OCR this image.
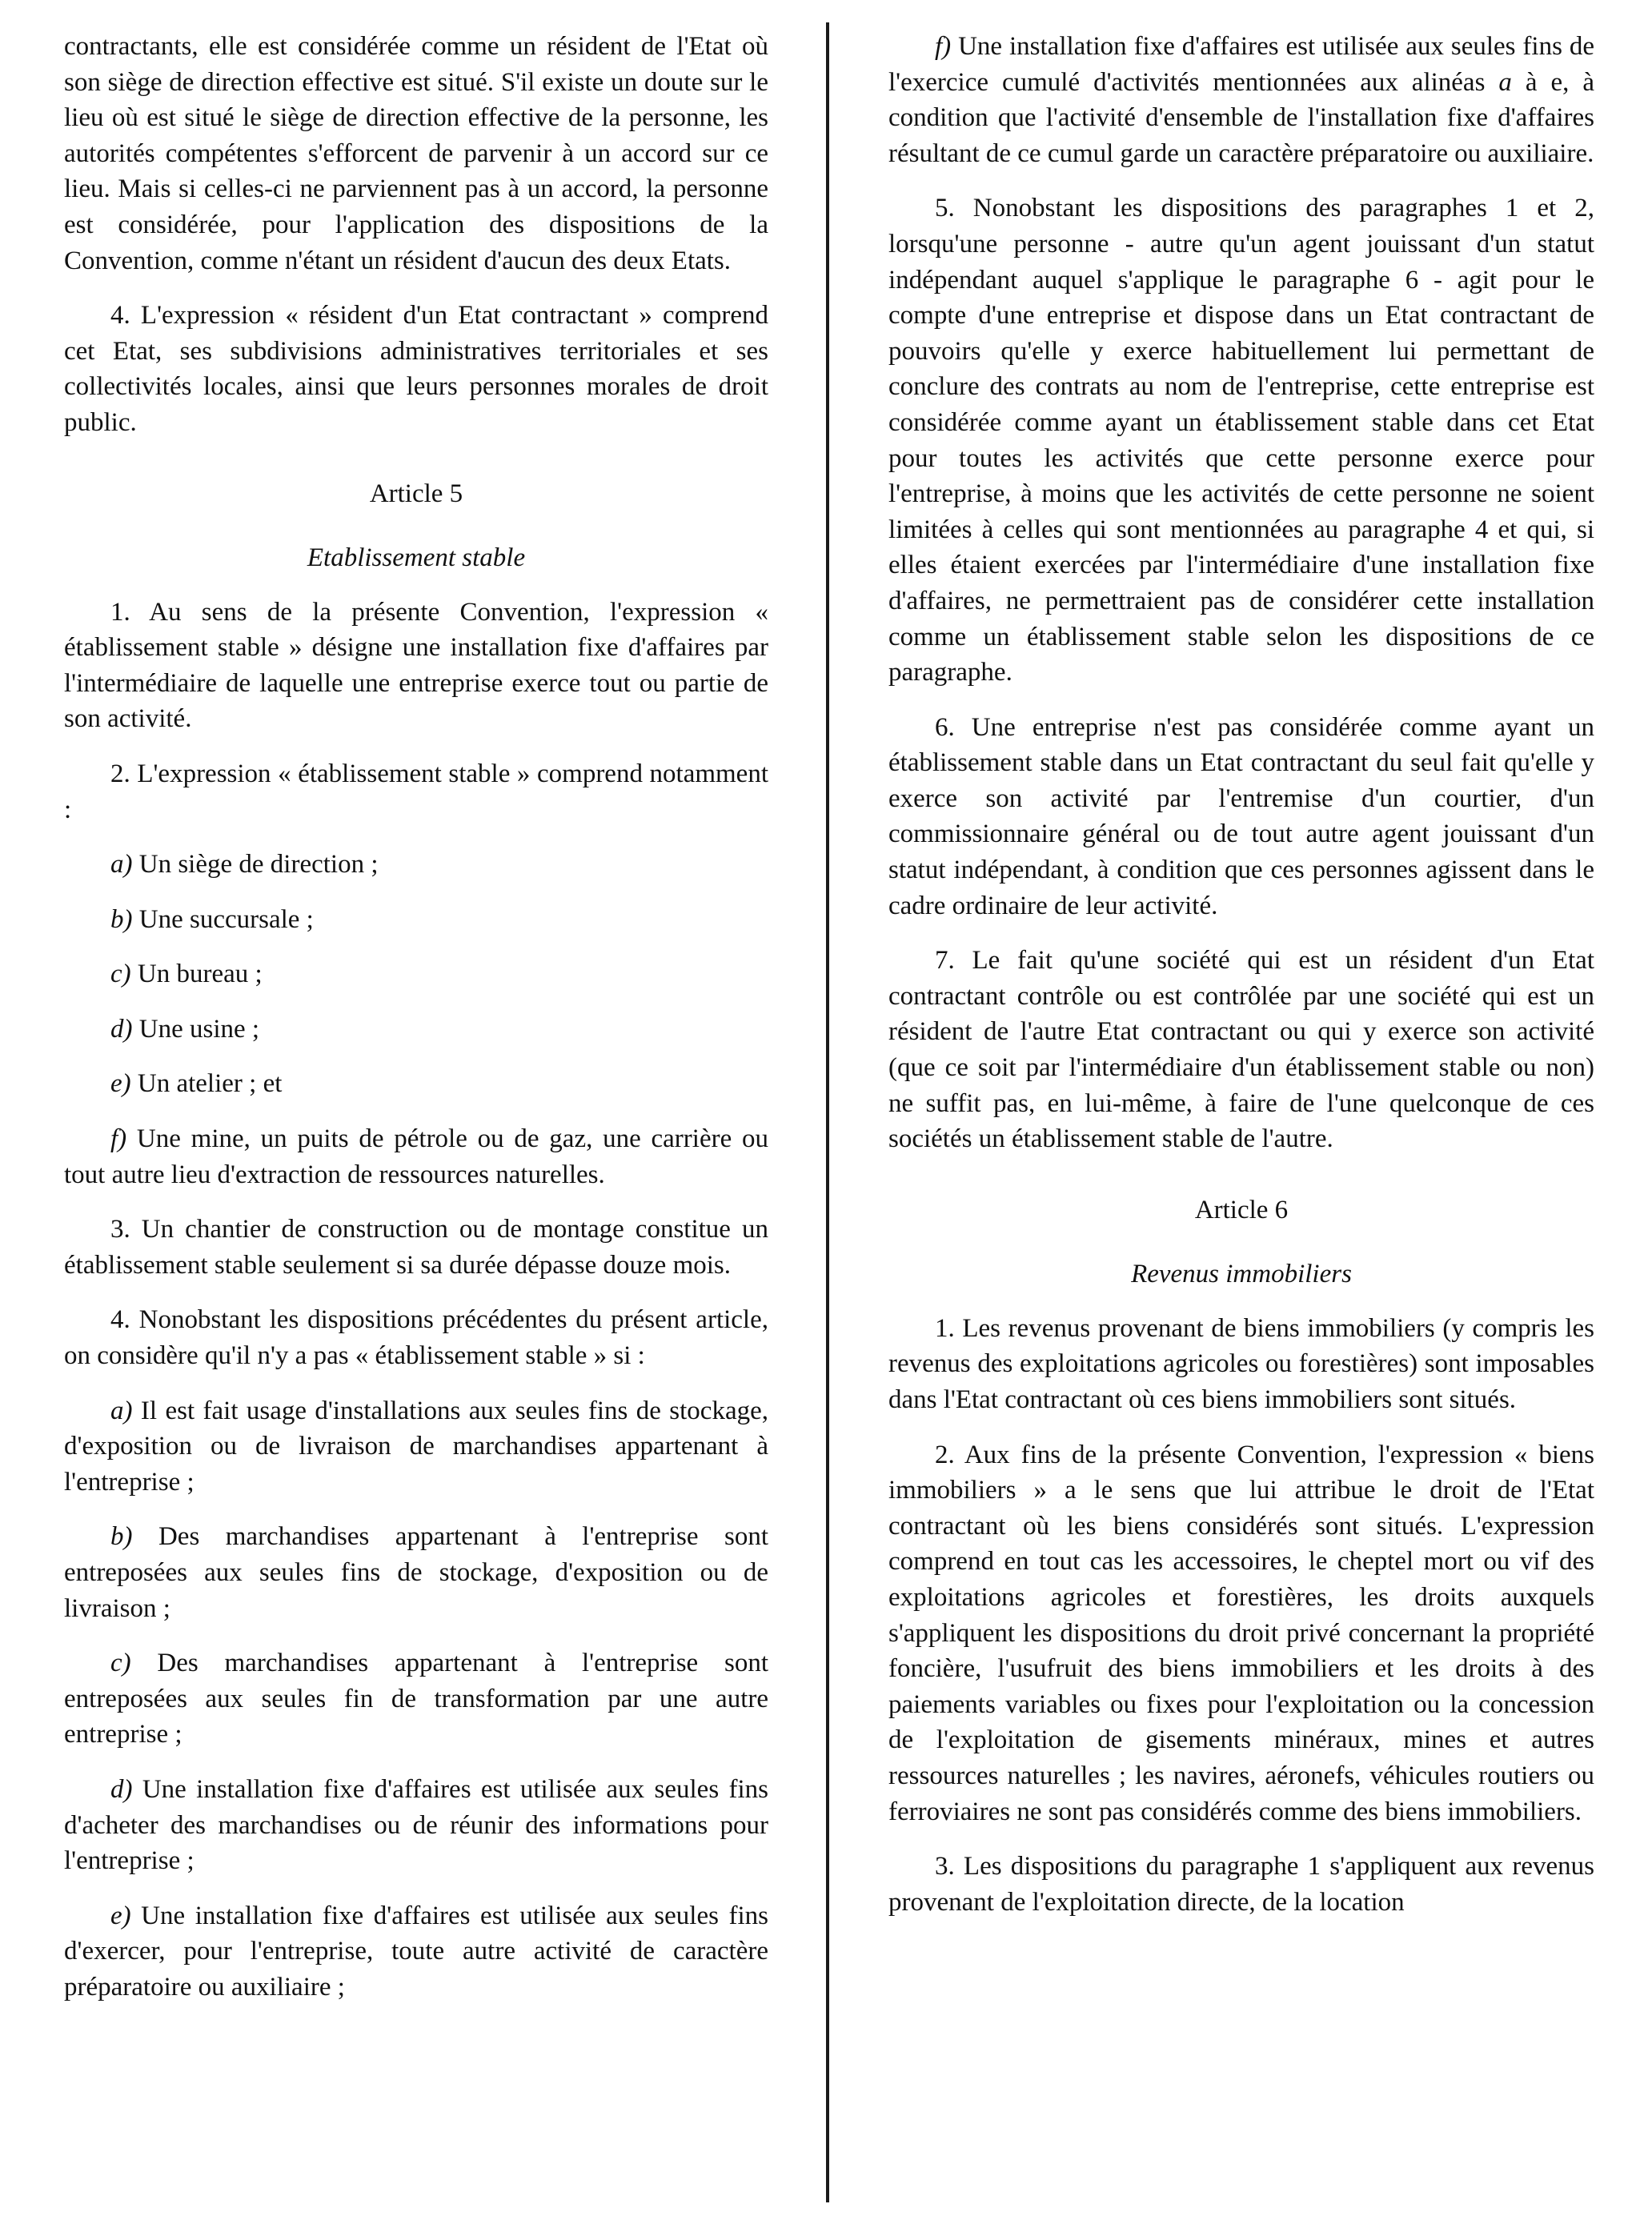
contractants, elle est considérée comme un résident de l'Etat où son siège de direction effective est situé. S'il existe un doute sur le lieu où est situé le siège de direction effective de la personne, les autorités compétentes s'efforcent de parvenir à un accord sur ce lieu. Mais si celles-ci ne parviennent pas à un accord, la personne est considérée, pour l'application des dispositions de la Convention, comme n'étant un résident d'aucun des deux Etats.

4. L'expression « résident d'un Etat contractant » comprend cet Etat, ses subdivisions administratives territoriales et ses collectivités locales, ainsi que leurs personnes morales de droit public.

Article 5
Etablissement stable

1. Au sens de la présente Convention, l'expression « établissement stable » désigne une installation fixe d'affaires par l'intermédiaire de laquelle une entreprise exerce tout ou partie de son activité.

2. L'expression « établissement stable » comprend notamment :

a) Un siège de direction ;

b) Une succursale ;

c) Un bureau ;

d) Une usine ;

e) Un atelier ; et

f) Une mine, un puits de pétrole ou de gaz, une carrière ou tout autre lieu d'extraction de ressources naturelles.

3. Un chantier de construction ou de montage constitue un établissement stable seulement si sa durée dépasse douze mois.

4. Nonobstant les dispositions précédentes du présent article, on considère qu'il n'y a pas « établissement stable » si :

a) Il est fait usage d'installations aux seules fins de stockage, d'exposition ou de livraison de marchandises appartenant à l'entreprise ;

b) Des marchandises appartenant à l'entreprise sont entreposées aux seules fins de stockage, d'exposition ou de livraison ;

c) Des marchandises appartenant à l'entreprise sont entreposées aux seules fin de transformation par une autre entreprise ;

d) Une installation fixe d'affaires est utilisée aux seules fins d'acheter des marchandises ou de réunir des informations pour l'entreprise ;

e) Une installation fixe d'affaires est utilisée aux seules fins d'exercer, pour l'entreprise, toute autre activité de caractère préparatoire ou auxiliaire ;

f) Une installation fixe d'affaires est utilisée aux seules fins de l'exercice cumulé d'activités mentionnées aux alinéas a à e, à condition que l'activité d'ensemble de l'installation fixe d'affaires résultant de ce cumul garde un caractère préparatoire ou auxiliaire.

5. Nonobstant les dispositions des paragraphes 1 et 2, lorsqu'une personne - autre qu'un agent jouissant d'un statut indépendant auquel s'applique le paragraphe 6 - agit pour le compte d'une entreprise et dispose dans un Etat contractant de pouvoirs qu'elle y exerce habituellement lui permettant de conclure des contrats au nom de l'entreprise, cette entreprise est considérée comme ayant un établissement stable dans cet Etat pour toutes les activités que cette personne exerce pour l'entreprise, à moins que les activités de cette personne ne soient limitées à celles qui sont mentionnées au paragraphe 4 et qui, si elles étaient exercées par l'intermédiaire d'une installation fixe d'affaires, ne permettraient pas de considérer cette installation comme un établissement stable selon les dispositions de ce paragraphe.

6. Une entreprise n'est pas considérée comme ayant un établissement stable dans un Etat contractant du seul fait qu'elle y exerce son activité par l'entremise d'un courtier, d'un commissionnaire général ou de tout autre agent jouissant d'un statut indépendant, à condition que ces personnes agissent dans le cadre ordinaire de leur activité.

7. Le fait qu'une société qui est un résident d'un Etat contractant contrôle ou est contrôlée par une société qui est un résident de l'autre Etat contractant ou qui y exerce son activité (que ce soit par l'intermédiaire d'un établissement stable ou non) ne suffit pas, en lui-même, à faire de l'une quelconque de ces sociétés un établissement stable de l'autre.

Article 6
Revenus immobiliers

1. Les revenus provenant de biens immobiliers (y compris les revenus des exploitations agricoles ou forestières) sont imposables dans l'Etat contractant où ces biens immobiliers sont situés.

2. Aux fins de la présente Convention, l'expression « biens immobiliers » a le sens que lui attribue le droit de l'Etat contractant où les biens considérés sont situés. L'expression comprend en tout cas les accessoires, le cheptel mort ou vif des exploitations agricoles et forestières, les droits auxquels s'appliquent les dispositions du droit privé concernant la propriété foncière, l'usufruit des biens immobiliers et les droits à des paiements variables ou fixes pour l'exploitation ou la concession de l'exploitation de gisements minéraux, mines et autres ressources naturelles ; les navires, aéronefs, véhicules routiers ou ferroviaires ne sont pas considérés comme des biens immobiliers.

3. Les dispositions du paragraphe 1 s'appliquent aux revenus provenant de l'exploitation directe, de la location
